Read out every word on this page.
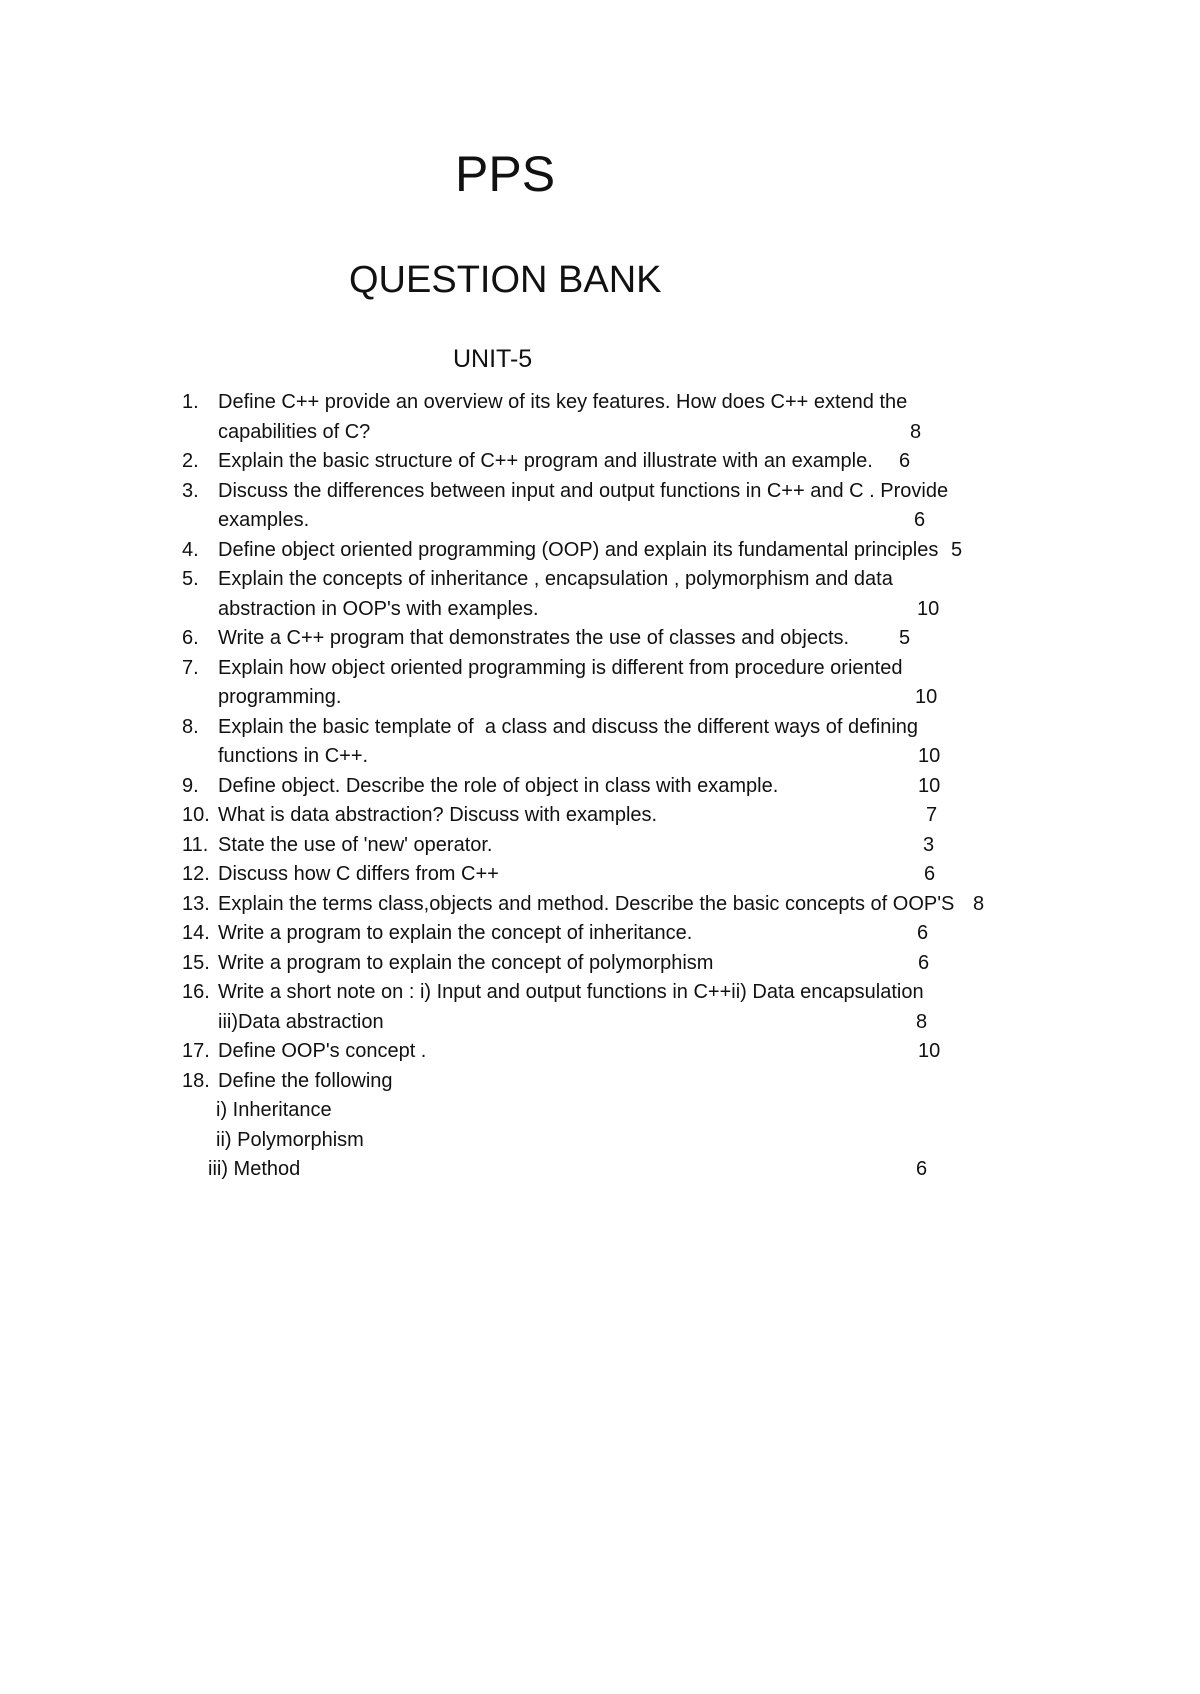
PPS
QUESTION BANK
UNIT-5
1. Define C++ provide an overview of its key features. How does C++ extend the
capabilities of C?	8
2. Explain the basic structure of C++ program and illustrate with an example. 6
3. Discuss the differences between input and output functions in C++ and C . Provide
examples.	6
4. Define object oriented programming (OOP) and explain its fundamental principles 5
5. Explain the concepts of inheritance , encapsulation , polymorphism and data
abstraction in OOP's with examples.	10
6. Write a C++ program that demonstrates the use of classes and objects. 5
7. Explain how object oriented programming is different from procedure oriented
programming.	10
8. Explain the basic template of  a class and discuss the different ways of defining
functions in C++.	10
9. Define object. Describe the role of object in class with example.	10
10. What is data abstraction? Discuss with examples.	7
11. State the use of 'new' operator.	3
12. Discuss how C differs from C++	6
13. Explain the terms class,objects and method. Describe the basic concepts of OOP'S 8
14. Write a program to explain the concept of inheritance.	6
15. Write a program to explain the concept of polymorphism	6
16. Write a short note on : i) Input and output functions in C++ii) Data encapsulation
iii)Data abstraction	8
17. Define OOP's concept .	10
18. Define the following
i) Inheritance
ii) Polymorphism
iii) Method	6
